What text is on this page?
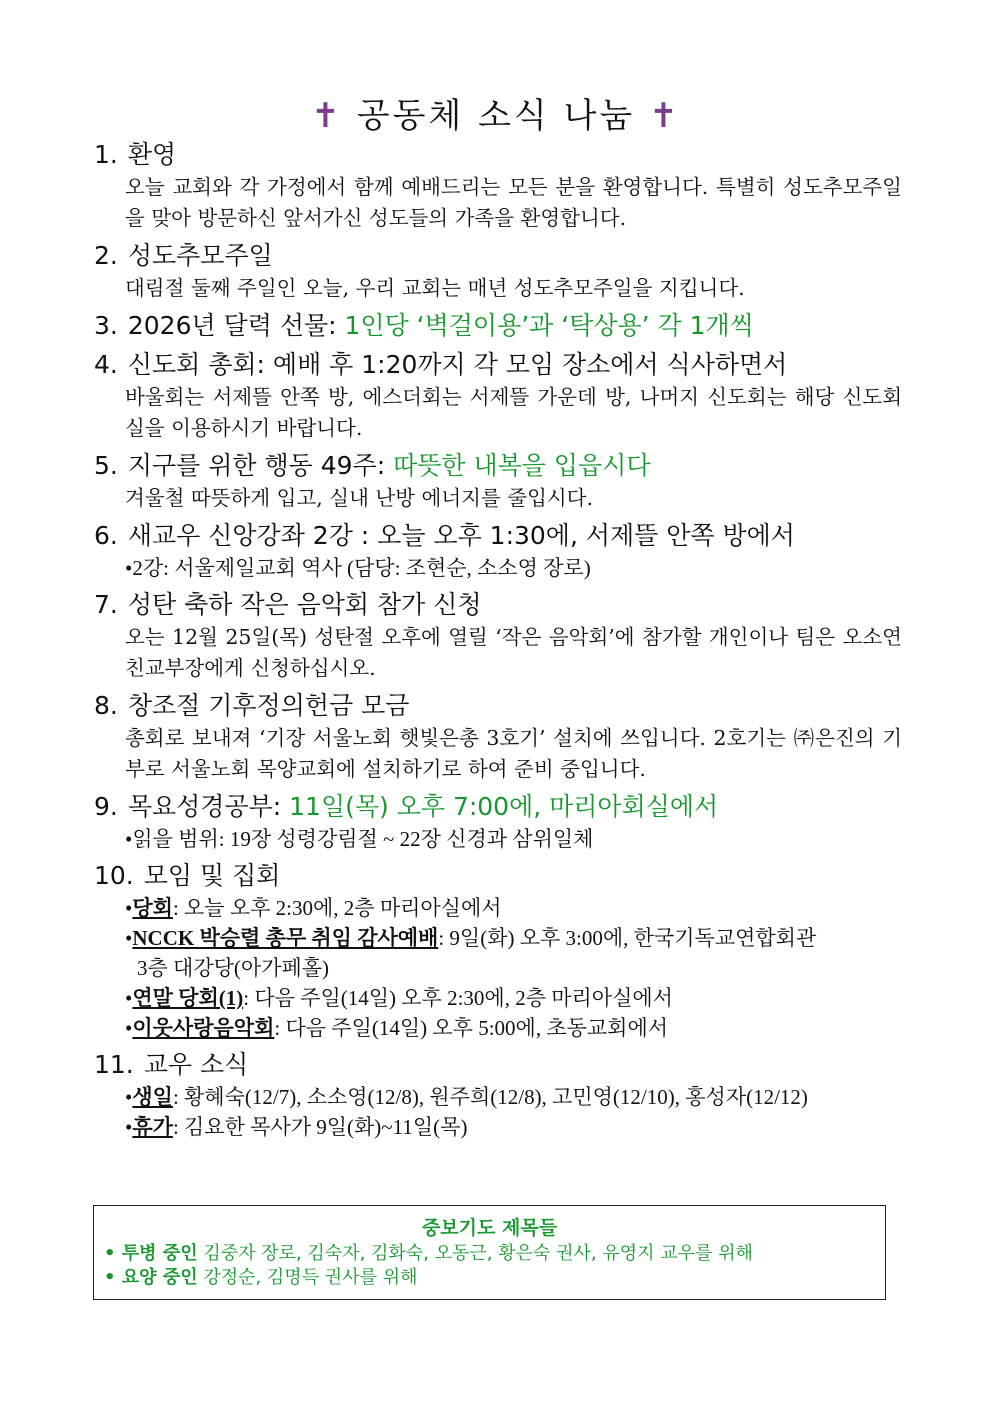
✝ 공동체 소식 나눔 ✝
1. 환영
오늘 교회와 각 가정에서 함께 예배드리는 모든 분을 환영합니다. 특별히 성도추모주일을 맞아 방문하신 앞서가신 성도들의 가족을 환영합니다.
2. 성도추모주일
대림절 둘째 주일인 오늘, 우리 교회는 매년 성도추모주일을 지킵니다.
3. 2026년 달력 선물: 1인당 ‘벽걸이용’과 ‘탁상용’ 각 1개씩
4. 신도회 총회: 예배 후 1:20까지 각 모임 장소에서 식사하면서
바울회는 서제뜰 안쪽 방, 에스더회는 서제뜰 가운데 방, 나머지 신도회는 해당 신도회실을 이용하시기 바랍니다.
5. 지구를 위한 행동 49주: 따뜻한 내복을 입읍시다
겨울철 따뜻하게 입고, 실내 난방 에너지를 줄입시다.
6. 새교우 신앙강좌 2강 : 오늘 오후 1:30에, 서제뜰 안쪽 방에서
•2강: 서울제일교회 역사 (담당: 조현순, 소소영 장로)
7. 성탄 축하 작은 음악회 참가 신청
오는 12월 25일(목) 성탄절 오후에 열릴 ‘작은 음악회’에 참가할 개인이나 팀은 오소연 친교부장에게 신청하십시오.
8. 창조절 기후정의헌금 모금
총회로 보내져 ‘기장 서울노회 햇빛은총 3호기’ 설치에 쓰입니다. 2호기는 ㈜은진의 기부로 서울노회 목양교회에 설치하기로 하여 준비 중입니다.
9. 목요성경공부: 11일(목) 오후 7:00에, 마리아회실에서
•읽을 범위: 19장 성령강림절 ~ 22장 신경과 삼위일체
10. 모임 및 집회
•당회: 오늘 오후 2:30에, 2층 마리아실에서
•NCCK 박승렬 총무 취임 감사예배: 9일(화) 오후 3:00에, 한국기독교연합회관
3층 대강당(아가페홀)
•연말 당회(1): 다음 주일(14일) 오후 2:30에, 2층 마리아실에서
•이웃사랑음악회: 다음 주일(14일) 오후 5:00에, 초동교회에서
11. 교우 소식
•생일: 황혜숙(12/7), 소소영(12/8), 원주희(12/8), 고민영(12/10), 홍성자(12/12)
•휴가: 김요한 목사가 9일(화)~11일(목)
중보기도 제목들
• 투병 중인 김중자 장로, 김숙자, 김화숙, 오동근, 황은숙 권사, 유영지 교우를 위해
• 요양 중인 강정순, 김명득 권사를 위해
